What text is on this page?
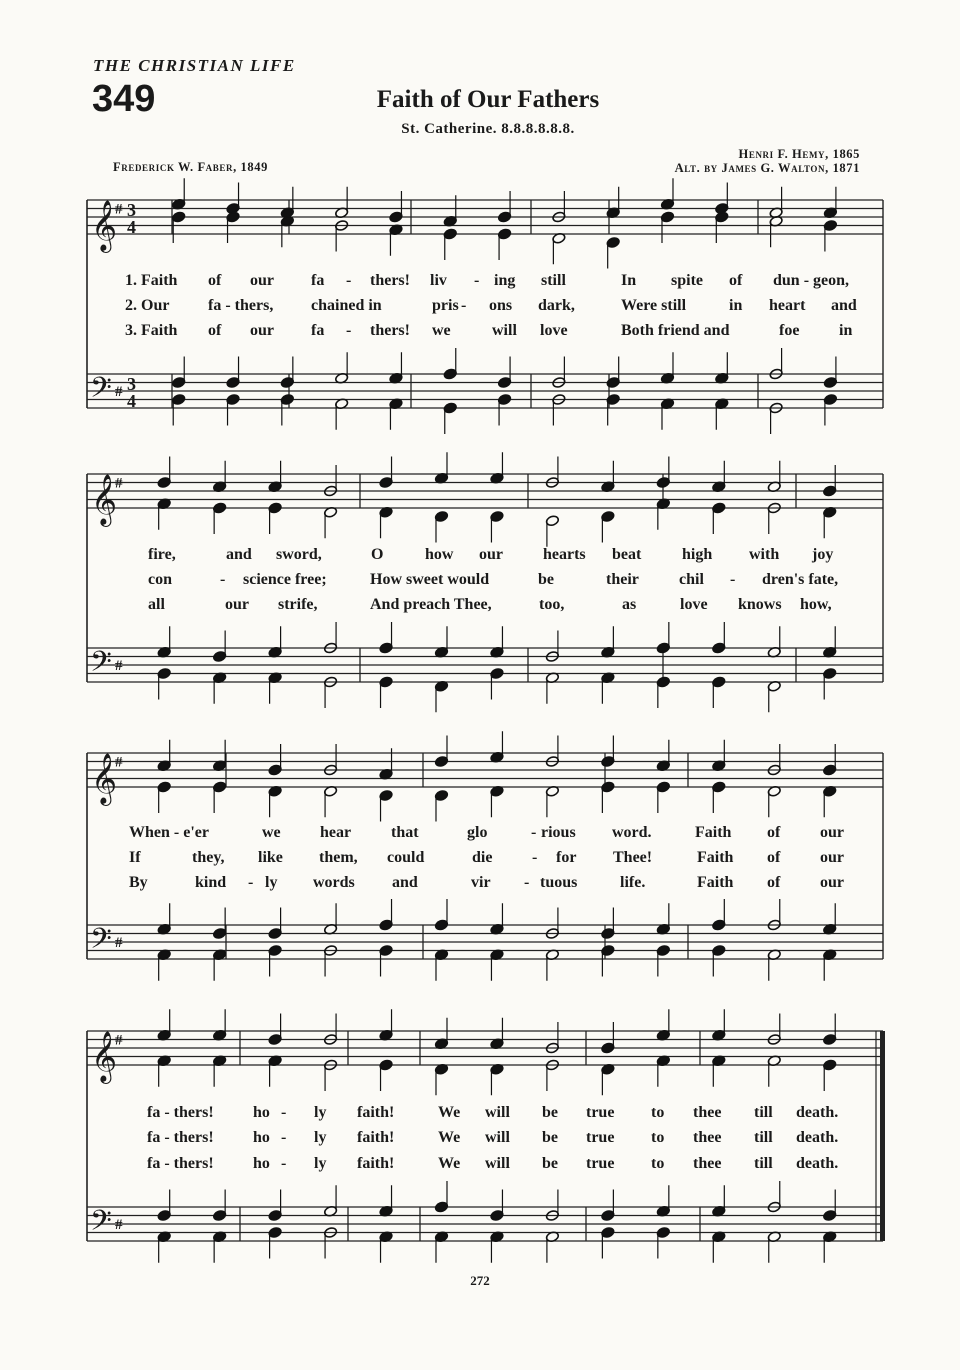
THE CHRISTIAN LIFE
349	Faith of Our Fathers
St. Catherine. 8.8.8.8.8.8.
Frederick W. Faber, 1849
Henri F. Hemy, 1865
Alt. by James G. Walton, 1871
𝄞
𝄢
#
#
3
4
3
4
𝄞
𝄢
#
#
𝄞
𝄢
#
#
𝄞
𝄢
#
#
1. Faith of our fa - thers! liv - ing still	In spite of dun - geon,
2. Our fa - thers, chained in	pris - ons dark,	Were still	in heart and
3. Faith of our fa - thers! we	will love	Both friend and	foe in
fire,	and sword,	O	how our	hearts beat	high with joy
con	- science free;	How sweet would	be	their	chil - dren's fate,
all	our strife,	And preach Thee,	too,	as	love knows how,
When - e'er	we hear that	glo	- rious word.	Faith of our
If	they, like them, could	die - for Thee!	Faith of our
By	kind - ly words and	vir - tuous	life.	Faith of our
fa - thers! ho - ly faith!	We will be true to thee till death.
fa - thers! ho - ly faith!	We will be true to thee till death.
fa - thers! ho - ly faith!	We will be true to thee till death.
272
